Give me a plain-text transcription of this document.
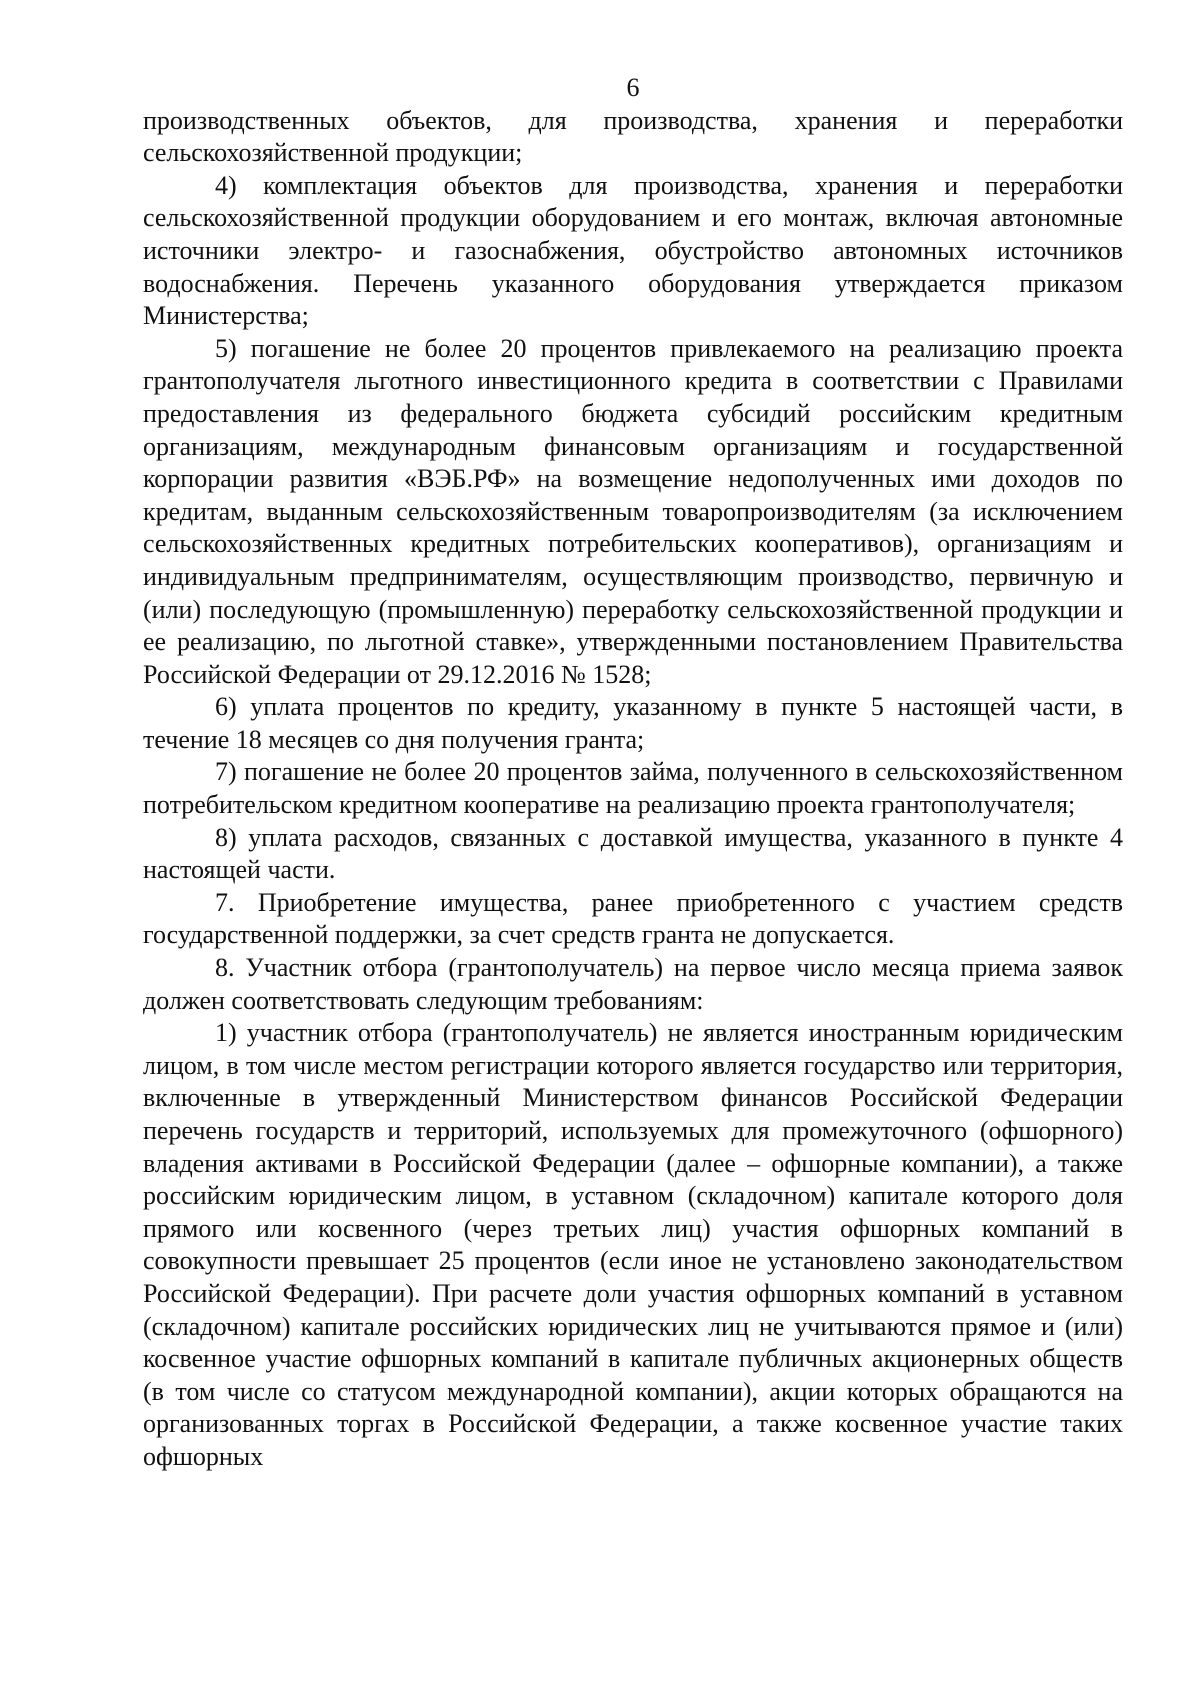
6

производственных объектов, для производства, хранения и переработки сельскохозяйственной продукции;

4) комплектация объектов для производства, хранения и переработки сельскохозяйственной продукции оборудованием и его монтаж, включая автономные источники электро- и газоснабжения, обустройство автономных источников водоснабжения. Перечень указанного оборудования утверждается приказом Министерства;

5) погашение не более 20 процентов привлекаемого на реализацию проекта грантополучателя льготного инвестиционного кредита в соответствии с Правилами предоставления из федерального бюджета субсидий российским кредитным организациям, международным финансовым организациям и государственной корпорации развития «ВЭБ.РФ» на возмещение недополученных ими доходов по кредитам, выданным сельскохозяйственным товаропроизводителям (за исключением сельскохозяйственных кредитных потребительских кооперативов), организациям и индивидуальным предпринимателям, осуществляющим производство, первичную и (или) последующую (промышленную) переработку сельскохозяйственной продукции и ее реализацию, по льготной ставке», утвержденными постановлением Правительства Российской Федерации от 29.12.2016 № 1528;

6) уплата процентов по кредиту, указанному в пункте 5 настоящей части, в течение 18 месяцев со дня получения гранта;

7) погашение не более 20 процентов займа, полученного в сельскохозяйственном потребительском кредитном кооперативе на реализацию проекта грантополучателя;

8) уплата расходов, связанных с доставкой имущества, указанного в пункте 4 настоящей части.

7. Приобретение имущества, ранее приобретенного с участием средств государственной поддержки, за счет средств гранта не допускается.

8. Участник отбора (грантополучатель) на первое число месяца приема заявок должен соответствовать следующим требованиям:

1) участник отбора (грантополучатель) не является иностранным юридическим лицом, в том числе местом регистрации которого является государство или территория, включенные в утвержденный Министерством финансов Российской Федерации перечень государств и территорий, используемых для промежуточного (офшорного) владения активами в Российской Федерации (далее – офшорные компании), а также российским юридическим лицом, в уставном (складочном) капитале которого доля прямого или косвенного (через третьих лиц) участия офшорных компаний в совокупности превышает 25 процентов (если иное не установлено законодательством Российской Федерации). При расчете доли участия офшорных компаний в уставном (складочном) капитале российских юридических лиц не учитываются прямое и (или) косвенное участие офшорных компаний в капитале публичных акционерных обществ (в том числе со статусом международной компании), акции которых обращаются на организованных торгах в Российской Федерации, а также косвенное участие таких офшорных
